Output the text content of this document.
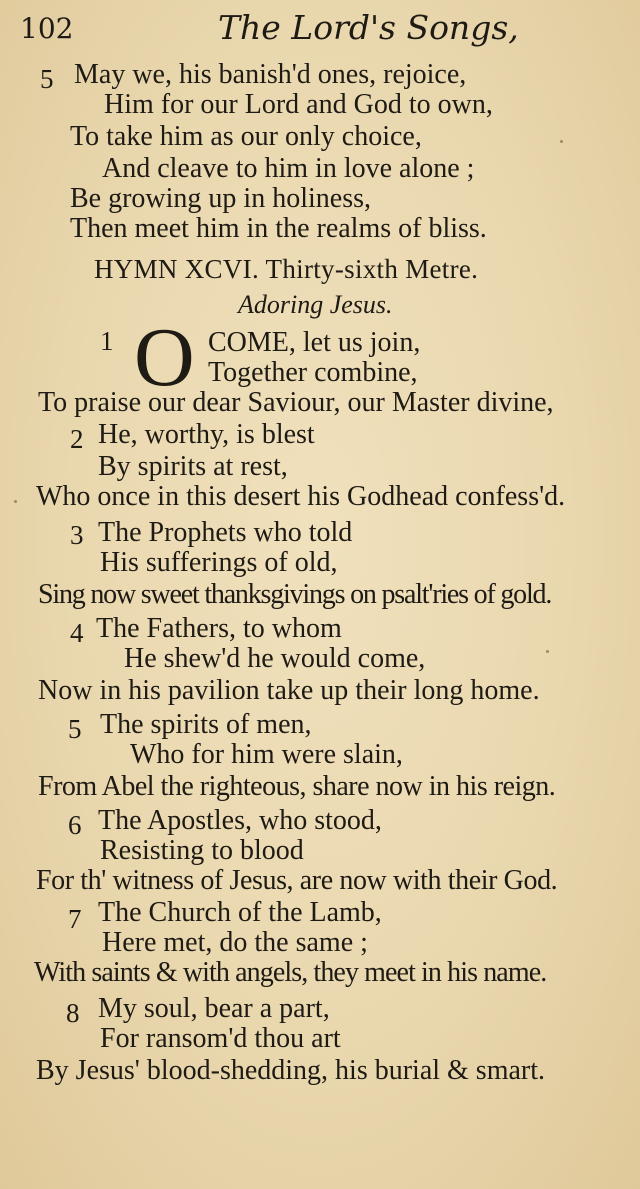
102	The Lord's Songs,
5 May we, his banish'd ones, rejoice,
Him for our Lord and God to own,
To take him as our only choice,
And cleave to him in love alone ;
Be growing up in holiness,
Then meet him in the realms of bliss.
HYMN XCVI. Thirty-sixth Metre.
Adoring Jesus.
1 O COME, let us join,
Together combine,
To praise our dear Saviour, our Master divine,
2 He, worthy, is blest
By spirits at rest,
Who once in this desert his Godhead confess'd.
3 The Prophets who told
His sufferings of old,
Sing now sweet thanksgivings on psalt'ries of gold.
4 The Fathers, to whom
He shew'd he would come,
Now in his pavilion take up their long home.
5 The spirits of men,
Who for him were slain,
From Abel the righteous, share now in his reign.
6 The Apostles, who stood,
Resisting to blood
For th' witness of Jesus, are now with their God.
7 The Church of the Lamb,
Here met, do the same ;
With saints & with angels, they meet in his name.
8 My soul, bear a part,
For ransom'd thou art
By Jesus' blood-shedding, his burial & smart.
